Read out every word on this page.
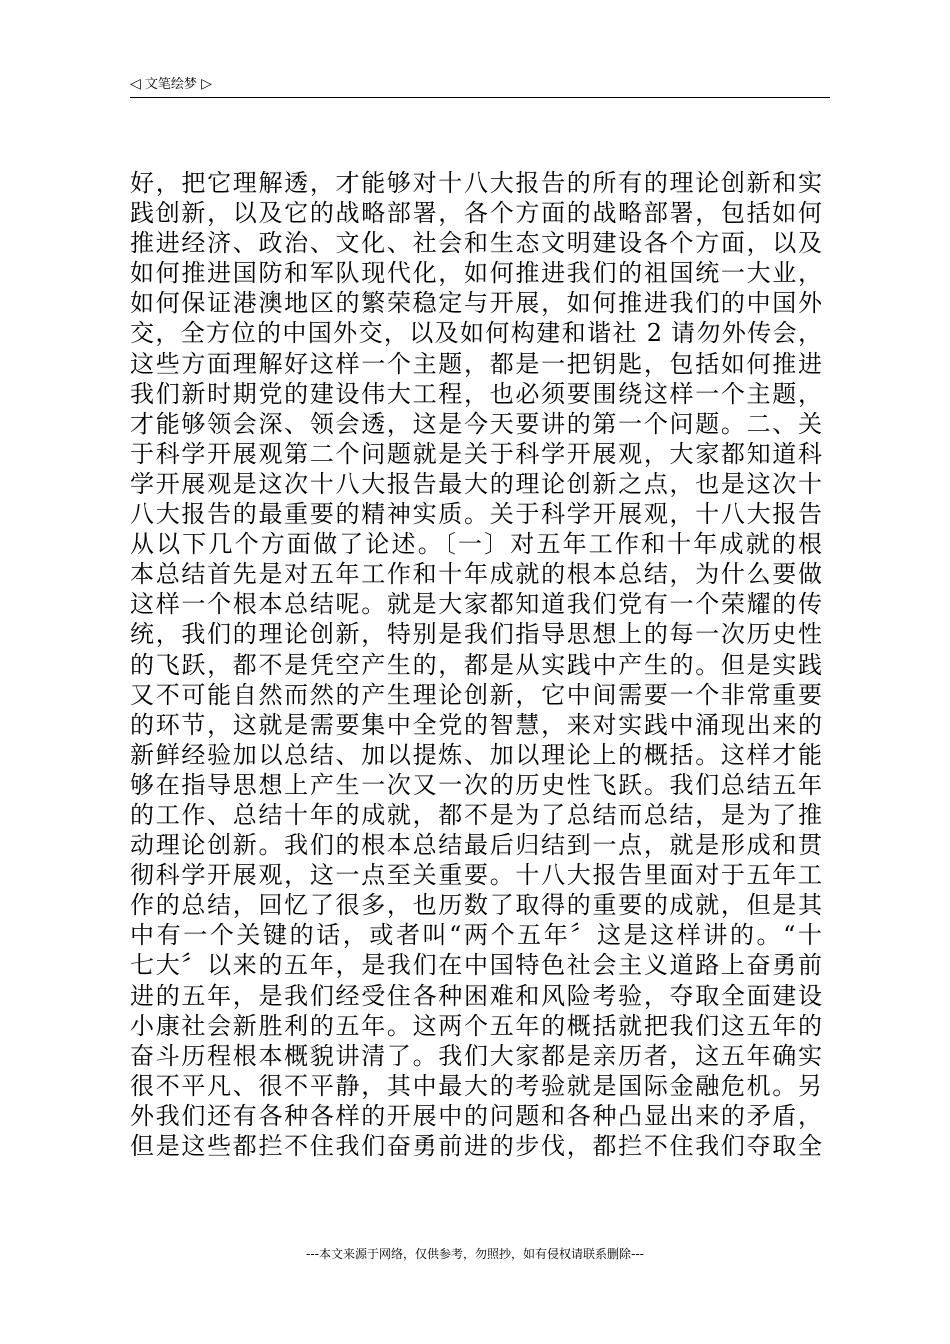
◁ 文笔绘梦 ▷
好，把它理解透，才能够对十八大报告的所有的理论创新和实
践创新，以及它的战略部署，各个方面的战略部署，包括如何
推进经济、政治、文化、社会和生态文明建设各个方面，以及
如何推进国防和军队现代化，如何推进我们的祖国统一大业，
如何保证港澳地区的繁荣稳定与开展，如何推进我们的中国外
交，全方位的中国外交，以及如何构建和谐社 2 请勿外传会，
这些方面理解好这样一个主题，都是一把钥匙，包括如何推进
我们新时期党的建设伟大工程，也必须要围绕这样一个主题，
才能够领会深、领会透，这是今天要讲的第一个问题。二、关
于科学开展观第二个问题就是关于科学开展观，大家都知道科
学开展观是这次十八大报告最大的理论创新之点，也是这次十
八大报告的最重要的精神实质。关于科学开展观，十八大报告
从以下几个方面做了论述。〔一〕对五年工作和十年成就的根
本总结首先是对五年工作和十年成就的根本总结，为什么要做
这样一个根本总结呢。就是大家都知道我们党有一个荣耀的传
统，我们的理论创新，特别是我们指导思想上的每一次历史性
的飞跃，都不是凭空产生的，都是从实践中产生的。但是实践
又不可能自然而然的产生理论创新，它中间需要一个非常重要
的环节，这就是需要集中全党的智慧，来对实践中涌现出来的
新鲜经验加以总结、加以提炼、加以理论上的概括。这样才能
够在指导思想上产生一次又一次的历史性飞跃。我们总结五年
的工作、总结十年的成就，都不是为了总结而总结，是为了推
动理论创新。我们的根本总结最后归结到一点，就是形成和贯
彻科学开展观，这一点至关重要。十八大报告里面对于五年工
作的总结，回忆了很多，也历数了取得的重要的成就，但是其
中有一个关键的话，或者叫“两个五年〞这是这样讲的。“十
七大〞以来的五年，是我们在中国特色社会主义道路上奋勇前
进的五年，是我们经受住各种困难和风险考验，夺取全面建设
小康社会新胜利的五年。这两个五年的概括就把我们这五年的
奋斗历程根本概貌讲清了。我们大家都是亲历者，这五年确实
很不平凡、很不平静，其中最大的考验就是国际金融危机。另
外我们还有各种各样的开展中的问题和各种凸显出来的矛盾，
但是这些都拦不住我们奋勇前进的步伐，都拦不住我们夺取全
---本文来源于网络，仅供参考，勿照抄，如有侵权请联系删除---
